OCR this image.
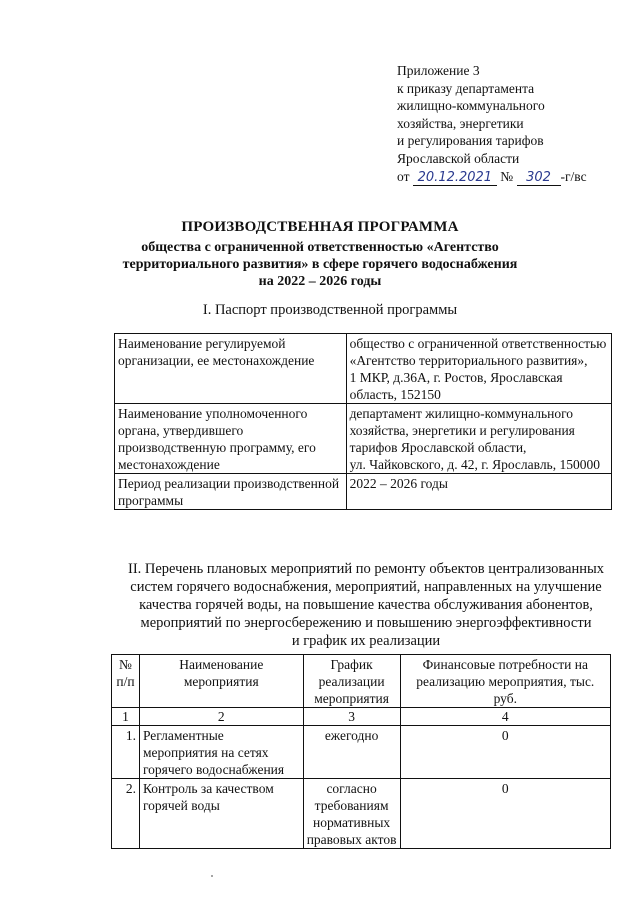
Приложение 3
к приказу департамента
жилищно-коммунального
хозяйства, энергетики
и регулирования тарифов
Ярославской области
от 20.12.2021 № 302 -г/вс
ПРОИЗВОДСТВЕННАЯ ПРОГРАММА
общества с ограниченной ответственностью «Агентство
территориального развития» в сфере горячего водоснабжения
на 2022 – 2026 годы
I. Паспорт производственной программы
Наименование регулируемой организации, ее местонахождение	общество с ограниченной ответственностью «Агентство территориального развития»,
1 МКР, д.36А, г. Ростов, Ярославская область, 152150

Наименование уполномоченного органа, утвердившего производственную программу, его местонахождение	департамент жилищно-коммунального хозяйства, энергетики и регулирования тарифов Ярославской области,
ул. Чайковского, д. 42, г. Ярославль, 150000

Период реализации производственной программы	2022 – 2026 годы
II. Перечень плановых мероприятий по ремонту объектов централизованных
систем горячего водоснабжения, мероприятий, направленных на улучшение
качества горячей воды, на повышение качества обслуживания абонентов,
мероприятий по энергосбережению и повышению энергоэффективности
и график их реализации
№ п/п	Наименование мероприятия	График реализации мероприятия	Финансовые потребности на реализацию мероприятия, тыс. руб.
1	2	3	4
1.	Регламентные мероприятия на сетях горячего водоснабжения	ежегодно	0
2.	Контроль за качеством горячей воды	согласно требованиям нормативных правовых актов	0
